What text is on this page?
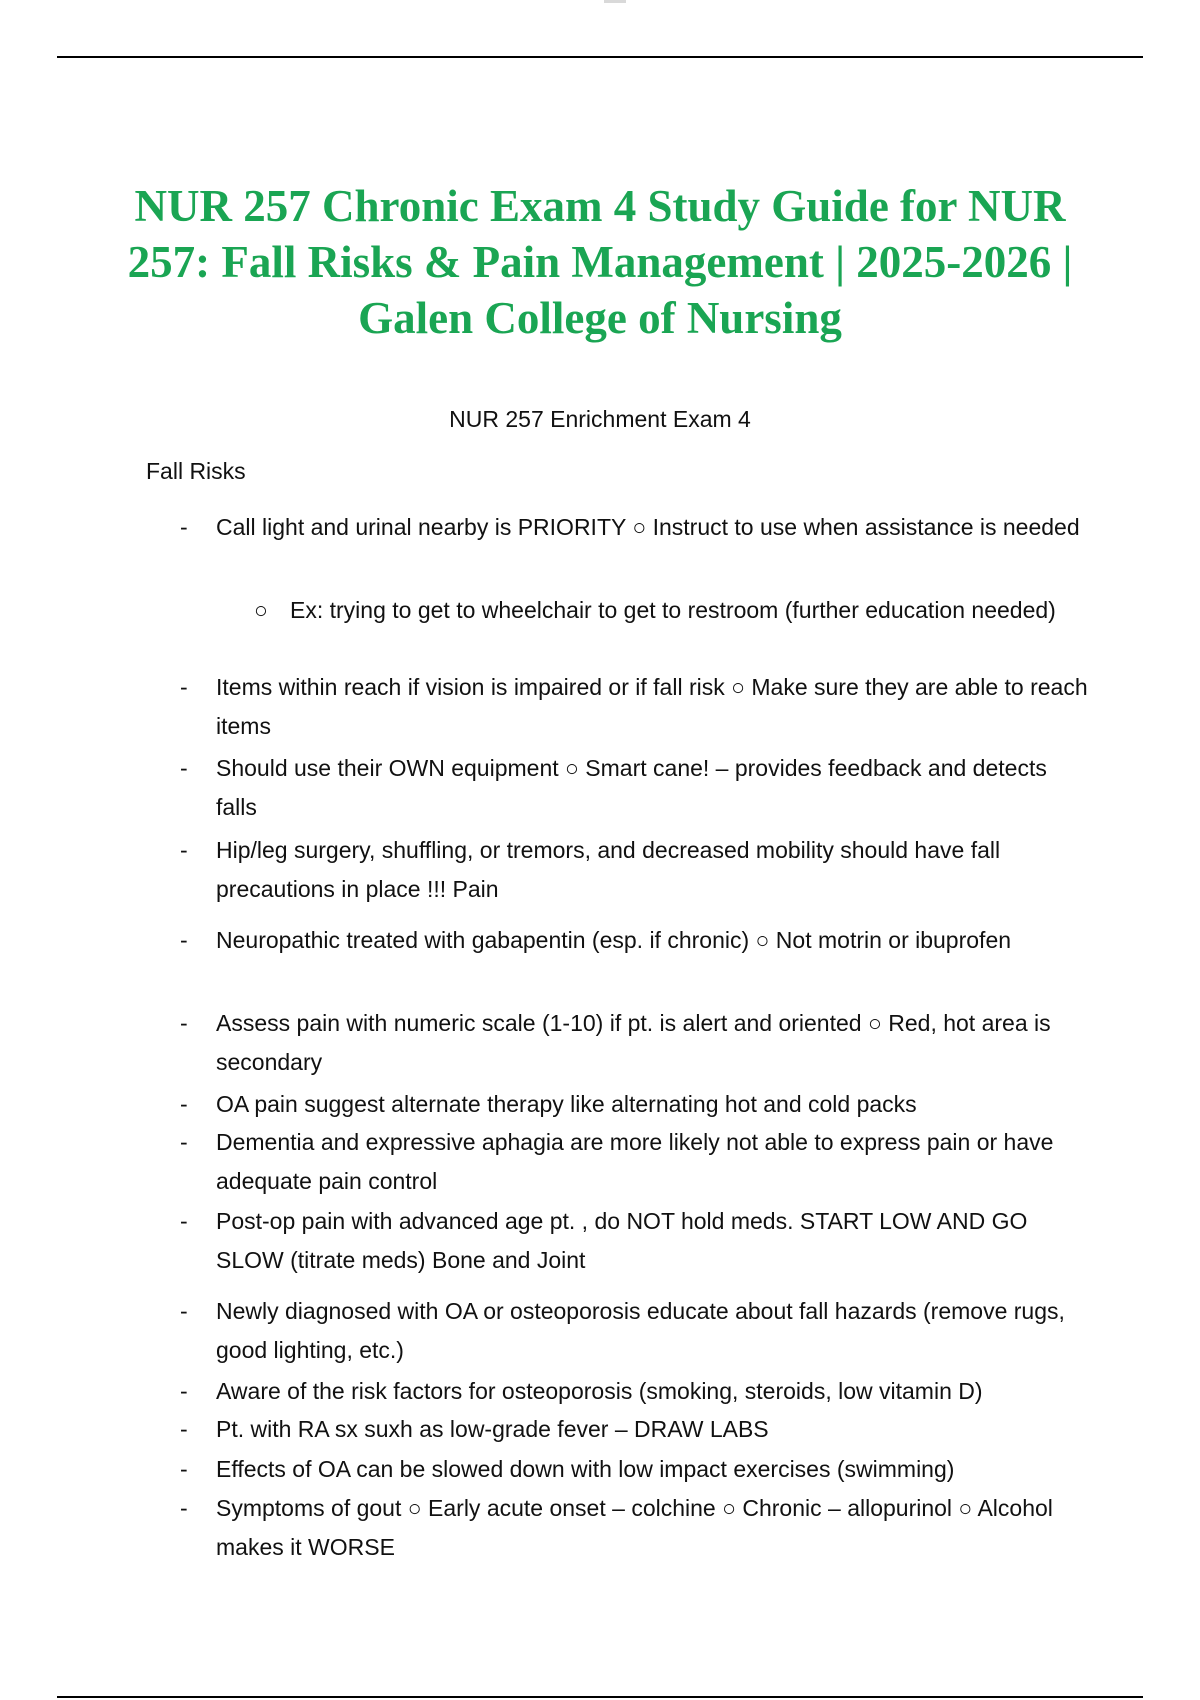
NUR 257 Chronic Exam 4 Study Guide for NUR 257: Fall Risks & Pain Management | 2025-2026 | Galen College of Nursing
NUR 257 Enrichment Exam 4
Fall Risks
-	Call light and urinal nearby is PRIORITY ○ Instruct to use when assistance is needed
○ Ex: trying to get to wheelchair to get to restroom (further education needed)
-	Items within reach if vision is impaired or if fall risk ○ Make sure they are able to reach items
-	Should use their OWN equipment ○ Smart cane! – provides feedback and detects falls
-	Hip/leg surgery, shuffling, or tremors, and decreased mobility should have fall precautions in place !!! Pain
-	Neuropathic treated with gabapentin (esp. if chronic) ○ Not motrin or ibuprofen
-	Assess pain with numeric scale (1-10) if pt. is alert and oriented ○ Red, hot area is secondary
-	OA pain suggest alternate therapy like alternating hot and cold packs
-	Dementia and expressive aphagia are more likely not able to express pain or have adequate pain control
-	Post-op pain with advanced age pt. , do NOT hold meds. START LOW AND GO SLOW (titrate meds) Bone and Joint
-	Newly diagnosed with OA or osteoporosis educate about fall hazards (remove rugs, good lighting, etc.)
-	Aware of the risk factors for osteoporosis (smoking, steroids, low vitamin D)
-	Pt. with RA sx suxh as low-grade fever – DRAW LABS
-	Effects of OA can be slowed down with low impact exercises (swimming)
-	Symptoms of gout ○ Early acute onset – colchine ○ Chronic – allopurinol ○ Alcohol makes it WORSE
